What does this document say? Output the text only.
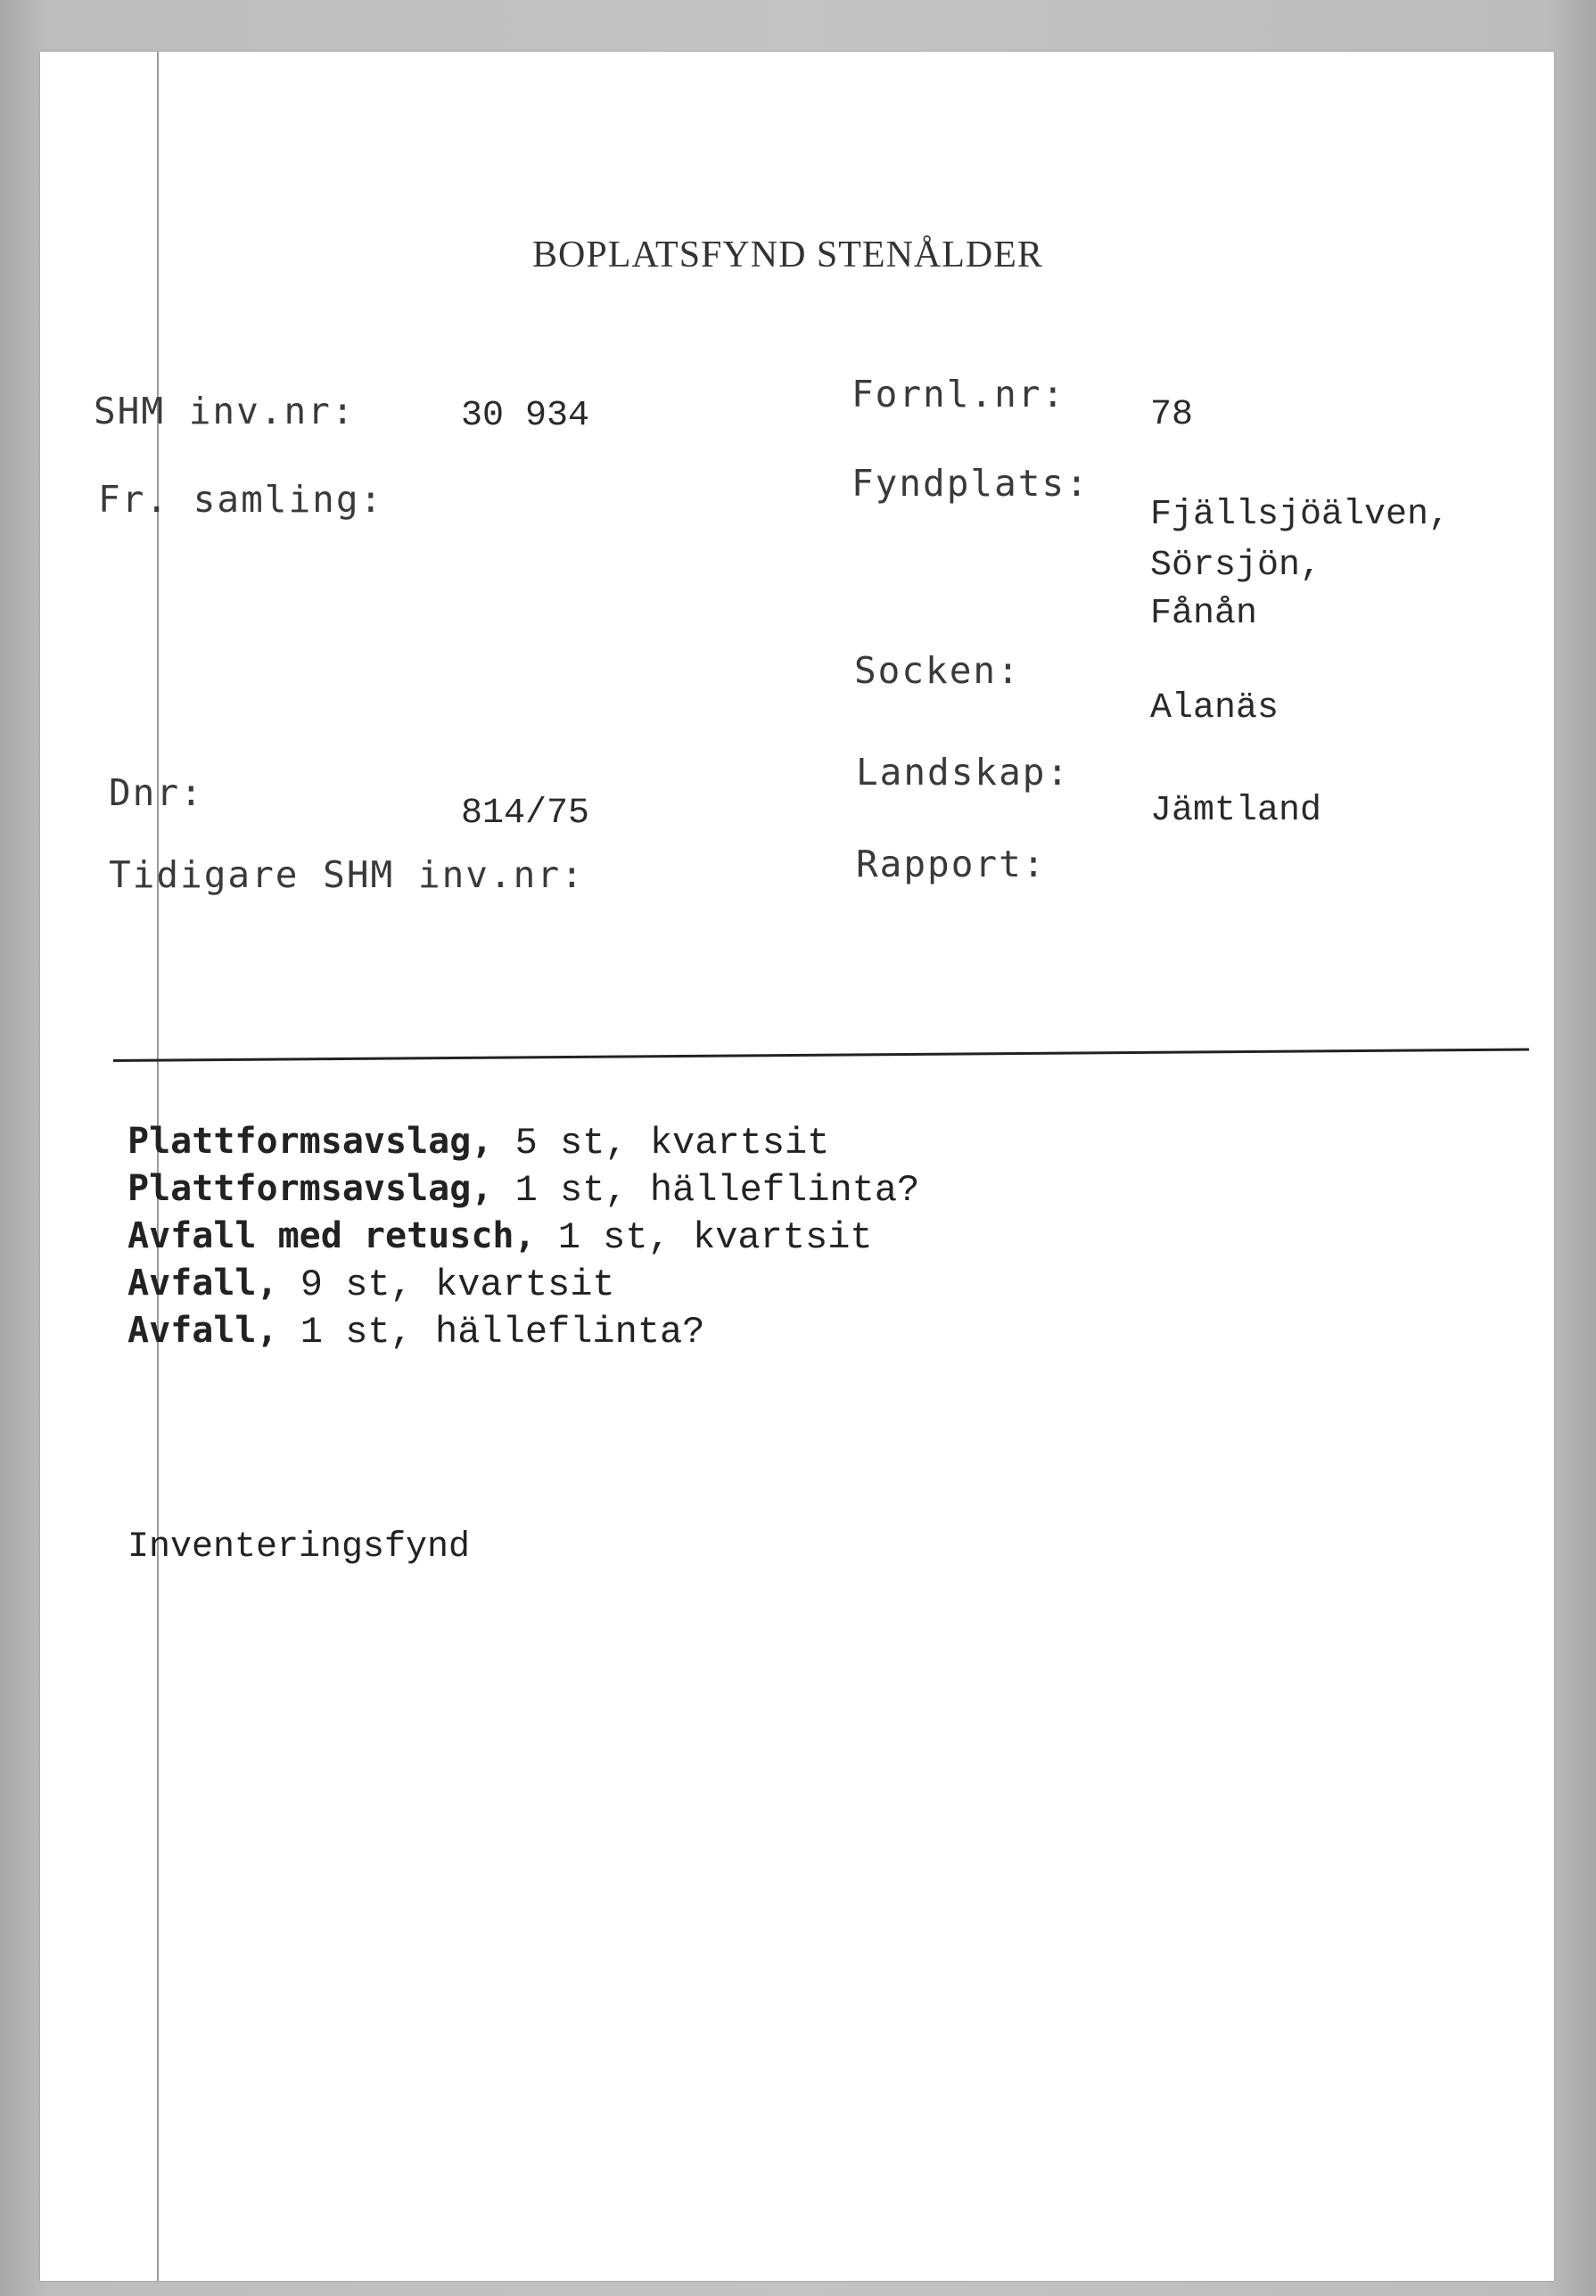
BOPLATSFYND STENÅLDER
SHM inv.nr:	30 934
Fr. samling:
Dnr:	814/75
Tidigare SHM inv.nr:
Fornl.nr: 78
Fyndplats:
Fjällsjöälven,
Sörsjön,
Fånån
Socken:
Alanäs
Landskap:
Jämtland
Rapport:
Plattformsavslag, 5 st, kvartsit
Plattformsavslag, 1 st, hälleflinta?
Avfall med retusch, 1 st, kvartsit
Avfall, 9 st, kvartsit
Avfall, 1 st, hälleflinta?
Inventeringsfynd
